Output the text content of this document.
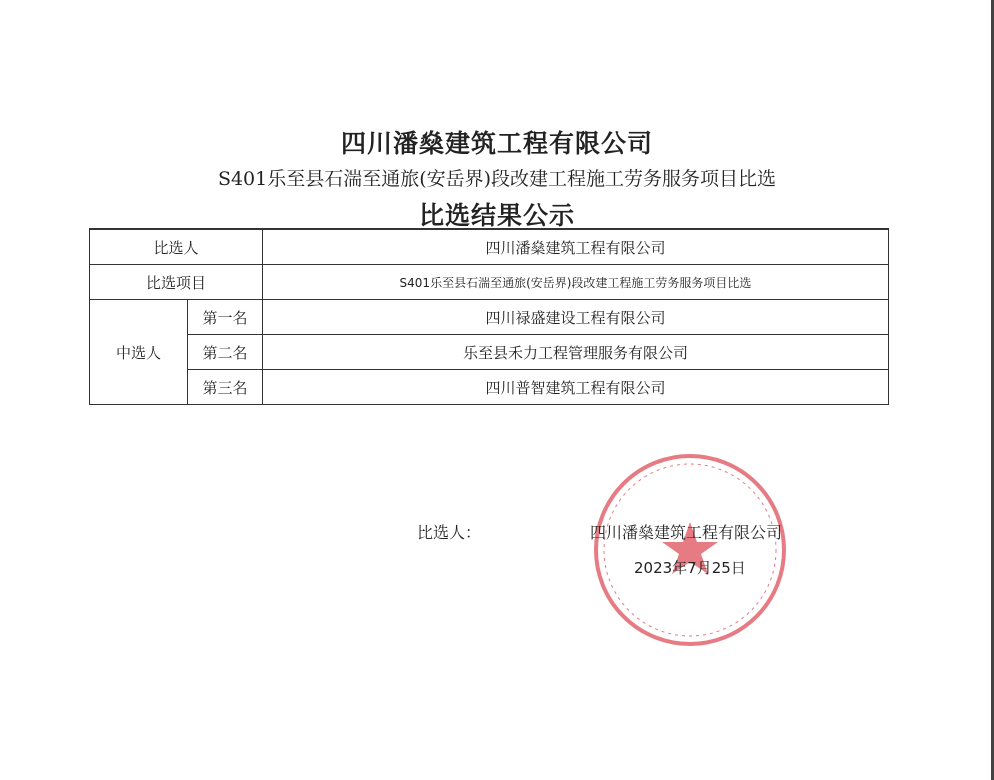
四川潘燊建筑工程有限公司
S401乐至县石湍至通旅(安岳界)段改建工程施工劳务服务项目比选
比选结果公示
比选人		四川潘燊建筑工程有限公司
比选项目		S401乐至县石湍至通旅(安岳界)段改建工程施工劳务服务项目比选
中选人	第一名	四川禄盛建设工程有限公司
	第二名	乐至县禾力工程管理服务有限公司
	第三名	四川普智建筑工程有限公司
比选人：	四川潘燊建筑工程有限公司
2023年7月25日
